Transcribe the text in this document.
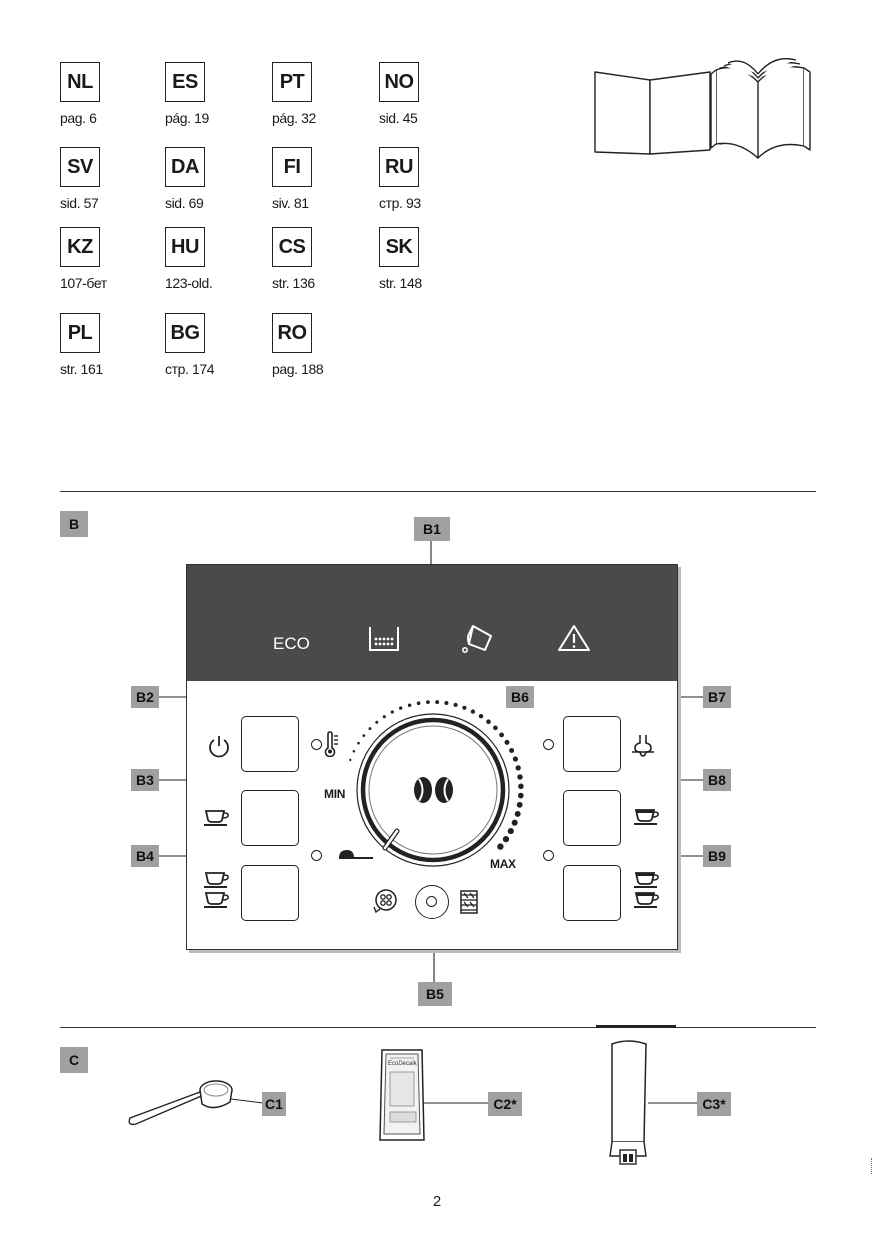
NL
pag. 6
ES
pág. 19
PT
pág. 32
NO
sid. 45
SV
sid. 57
DA
sid. 69
FI
siv. 81
RU
стр. 93
KZ
107-бет
HU
123-old.
CS
str. 136
SK
str. 148
PL
str. 161
BG
стр. 174
RO
pag. 188
B
ECO
MIN
MAX
B1
B2
B3
B4
B5
B6	B7
B8
B9
C
C1
EcoDecalk
C2*	C3*
2
